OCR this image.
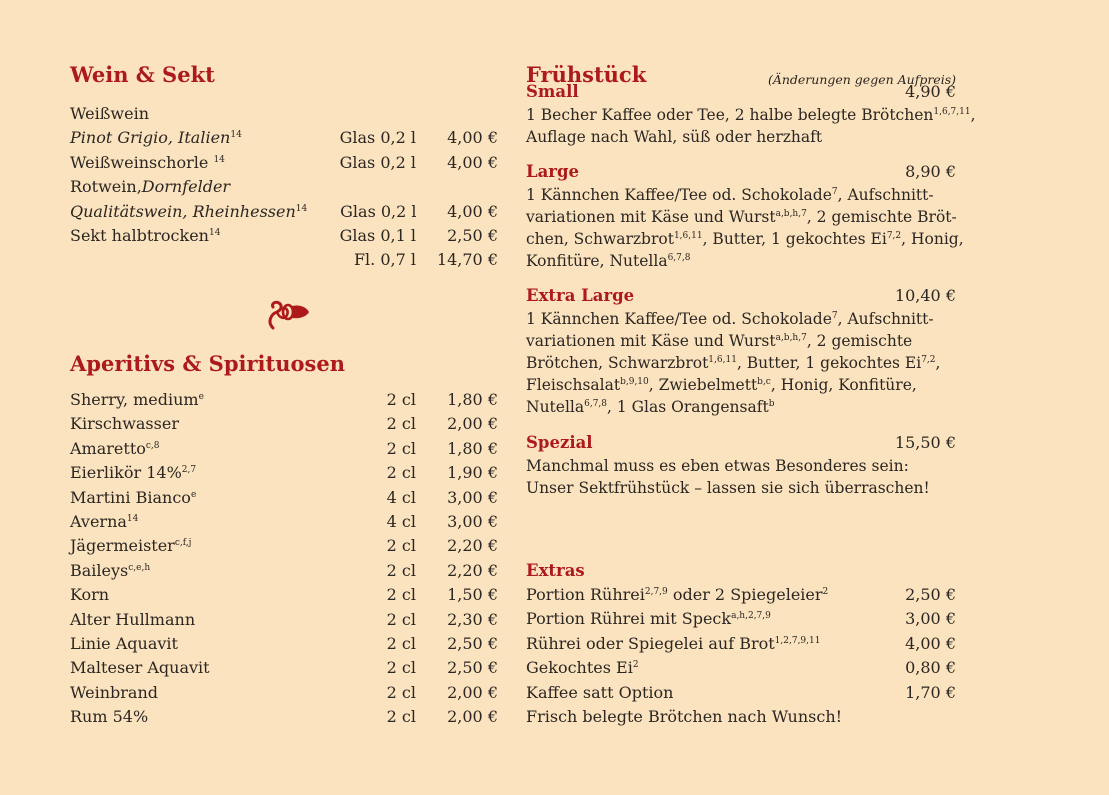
Wein & Sekt
Weißwein
Pinot Grigio, Italien$^{14}$	Glas 0,2 l	4,00 €
Weißweinschorle $^{14}$	Glas 0,2 l	4,00 €
Rotwein,Dornfelder
Qualitätswein, Rheinhessen$^{14}$	Glas 0,2 l	4,00 €
Sekt halbtrocken$^{14}$	Glas 0,1 l	2,50 €
Fl. 0,7 l	14,70 €
Aperitivs & Spirituosen
Sherry, medium$^e$	2 cl	1,80 €
Kirschwasser	2 cl	2,00 €
Amaretto$^{c,8}$	2 cl	1,80 €
Eierlikör 14%$^{2,7}$	2 cl	1,90 €
Martini Bianco$^e$	4 cl	3,00 €
Averna$^{14}$	4 cl	3,00 €
Jägermeister$^{c,f,j}$	2 cl	2,20 €
Baileys$^{c,e,h}$	2 cl	2,20 €
Korn	2 cl	1,50 €
Alter Hullmann	2 cl	2,30 €
Linie Aquavit	2 cl	2,50 €
Malteser Aquavit	2 cl	2,50 €
Weinbrand	2 cl	2,00 €
Rum 54%	2 cl	2,00 €
Frühstück	(Änderungen gegen Aufpreis)
Small	4,90 €
1 Becher Kaffee oder Tee, 2 halbe belegte Brötchen$^{1,6,7,11}$,
Auflage nach Wahl, süß oder herzhaft
Large	8,90 €
1 Kännchen Kaffee/Tee od. Schokolade$^7$, Aufschnitt-
variationen mit Käse und Wurst$^{a,b,h,7}$, 2 gemischte Bröt-
chen, Schwarzbrot$^{1,6,11}$, Butter, 1 gekochtes Ei$^{7,2}$, Honig,
Konfitüre, Nutella$^{6,7,8}$
Extra Large	10,40 €
1 Kännchen Kaffee/Tee od. Schokolade$^7$, Aufschnitt-
variationen mit Käse und Wurst$^{a,b,h,7}$, 2 gemischte
Brötchen, Schwarzbrot$^{1,6,11}$, Butter, 1 gekochtes Ei$^{7,2}$,
Fleischsalat$^{b,9,10}$, Zwiebelmett$^{b,c}$, Honig, Konfitüre,
Nutella$^{6,7,8}$, 1 Glas Orangensaft$^b$
Spezial	15,50 €
Manchmal muss es eben etwas Besonderes sein:
Unser Sektfrühstück – lassen sie sich überraschen!
Extras
Portion Rührei$^{2,7,9}$ oder 2 Spiegeleier$^2$	2,50 €
Portion Rührei mit Speck$^{a,h,2,7,9}$	3,00 €
Rührei oder Spiegelei auf Brot$^{1,2,7,9,11}$	4,00 €
Gekochtes Ei$^2$	0,80 €
Kaffee satt Option	1,70 €
Frisch belegte Brötchen nach Wunsch!
